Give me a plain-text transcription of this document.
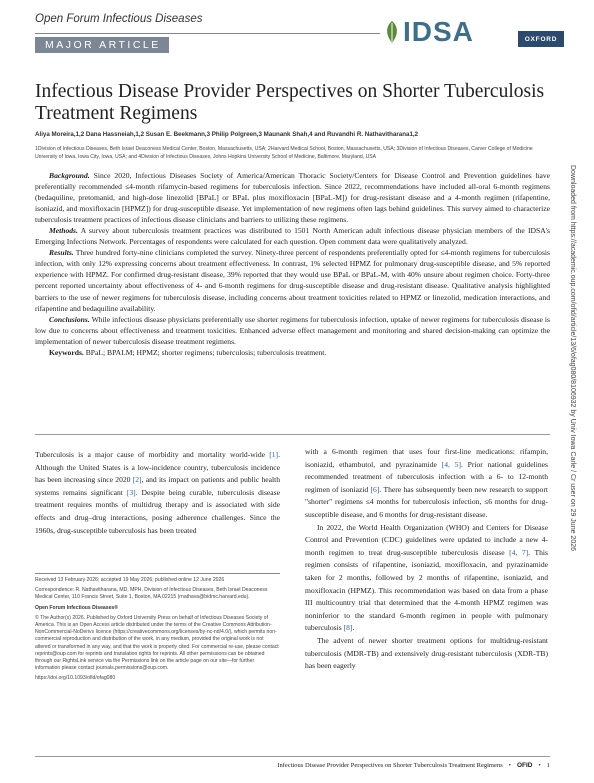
Open Forum Infectious Diseases
MAJOR ARTICLE	IDSA	OXFORD
Infectious Disease Provider Perspectives on Shorter Tuberculosis Treatment Regimens
Aliya Moreira,1,2 Dana Hassneiah,1,2 Susan E. Beekmann,3 Philip Polgreen,3 Maunank Shah,4 and Ruvandhi R. Nathavitharana1,2
1Division of Infectious Diseases, Beth Israel Deaconess Medical Center, Boston, Massachusetts, USA; 2Harvard Medical School, Boston, Massachusetts, USA; 3Division of Infectious Diseases, Carver College of Medicine University of Iowa, Iowa City, Iowa, USA; and 4Division of Infectious Diseases, Johns Hopkins University School of Medicine, Baltimore, Maryland, USA

Background. Since 2020, Infectious Diseases Society of America/American Thoracic Society/Centers for Disease Control and Prevention guidelines have preferentially recommended ≤4-month rifamycin-based regimens for tuberculosis infection. Since 2022, recommendations have included all-oral 6-month regimens (bedaquiline, pretomanid, and high-dose linezolid [BPaL] or BPaL plus moxifloxacin [BPaL-M]) for drug-resistant disease and a 4-month regimen (rifapentine, isoniazid, and moxifloxacin [HPMZ]) for drug-susceptible disease. Yet implementation of new regimens often lags behind guidelines. This survey aimed to characterize tuberculosis treatment practices of infectious disease clinicians and barriers to utilizing these regimens.

Methods. A survey about tuberculosis treatment practices was distributed to 1501 North American adult infectious disease physician members of the IDSA's Emerging Infections Network. Percentages of respondents were calculated for each question. Open comment data were qualitatively analyzed.

Results. Three hundred forty-nine clinicians completed the survey. Ninety-three percent of respondents preferentially opted for ≤4-month regimens for tuberculosis infection, with only 12% expressing concerns about treatment effectiveness. In contrast, 1% selected HPMZ for pulmonary drug-susceptible disease, and 5% reported experience with HPMZ. For confirmed drug-resistant disease, 39% reported that they would use BPaL or BPaL-M, with 40% unsure about regimen choice. Forty-three percent reported uncertainty about effectiveness of 4- and 6-month regimens for drug-susceptible disease and drug-resistant disease. Qualitative analysis highlighted barriers to the use of newer regimens for tuberculosis disease, including concerns about treatment toxicities related to HPMZ or linezolid, medication interactions, and rifapentine and bedaquiline availability.

Conclusions. While infectious disease physicians preferentially use shorter regimens for tuberculosis infection, uptake of newer regimens for tuberculosis disease is low due to concerns about effectiveness and treatment toxicities. Enhanced adverse effect management and monitoring and shared decision-making can optimize the implementation of newer tuberculosis disease treatment regimens.

Keywords. BPaL; BPALM; HPMZ; shorter regimens; tuberculosis; tuberculosis treatment.

Tuberculosis is a major cause of morbidity and mortality world-wide [1]. Although the United States is a low-incidence country, tuberculosis incidence has been increasing since 2020 [2], and its impact on patients and public health systems remains significant [3]. Despite being curable, tuberculosis disease treatment requires months of multidrug therapy and is associated with side effects and drug–drug interactions, posing adherence challenges. Since the 1960s, drug-susceptible tuberculosis has been treated

Received 13 February 2026; accepted 19 May 2026; published online 12 June 2026

Correspondence: R. Nathavitharana, MD, MPH, Division of Infectious Diseases, Beth Israel Deaconess Medical Center, 110 Francis Street, Suite 1, Boston, MA 02215 (rnathava@bidmc.harvard.edu).

Open Forum Infectious Diseases®

© The Author(s) 2026. Published by Oxford University Press on behalf of Infectious Diseases Society of America. This is an Open Access article distributed under the terms of the Creative Commons Attribution-NonCommercial-NoDerivs licence (https://creativecommons.org/licenses/by-nc-nd/4.0/), which permits non-commercial reproduction and distribution of the work, in any medium, provided the original work is not altered or transformed in any way, and that the work is properly cited. For commercial re-use, please contact reprints@oup.com for reprints and translation rights for reprints. All other permissions can be obtained through our RightsLink service via the Permissions link on the article page on our site—for further information please contact journals.permissions@oup.com.

https://doi.org/10.1093/ofid/ofag080

with a 6-month regimen that uses four first-line medications: rifampin, isoniazid, ethambutol, and pyrazinamide [4, 5]. Prior national guidelines recommended treatment of tuberculosis infection with a 6- to 12-month regimen of isoniazid [6]. There has subsequently been new research to support "shorter" regimens ≤4 months for tuberculosis infection, ≤6 months for drug-susceptible disease, and 6 months for drug-resistant disease.

In 2022, the World Health Organization (WHO) and Centers for Disease Control and Prevention (CDC) guidelines were updated to include a new 4-month regimen to treat drug-susceptible tuberculosis disease [4, 7]. This regimen consists of rifapentine, isoniazid, moxifloxacin, and pyrazinamide taken for 2 months, followed by 2 months of rifapentine, isoniazid, and moxifloxacin (HPMZ). This recommendation was based on data from a phase III multicountry trial that determined that the 4-month HPMZ regimen was noninferior to the standard 6-month regimen in people with pulmonary tuberculosis [8].

The advent of newer shorter treatment options for multidrug-resistant tuberculosis (MDR-TB) and extensively drug-resistant tuberculosis (XDR-TB) has been eagerly

Infectious Disease Provider Perspectives on Shorter Tuberculosis Treatment Regimens • OFID • 1
Downloaded from https://academic.oup.com/ofid/article/13/6/ofag080/8106932 by Univ Iowa Carle / Cr user on 29 June 2026
